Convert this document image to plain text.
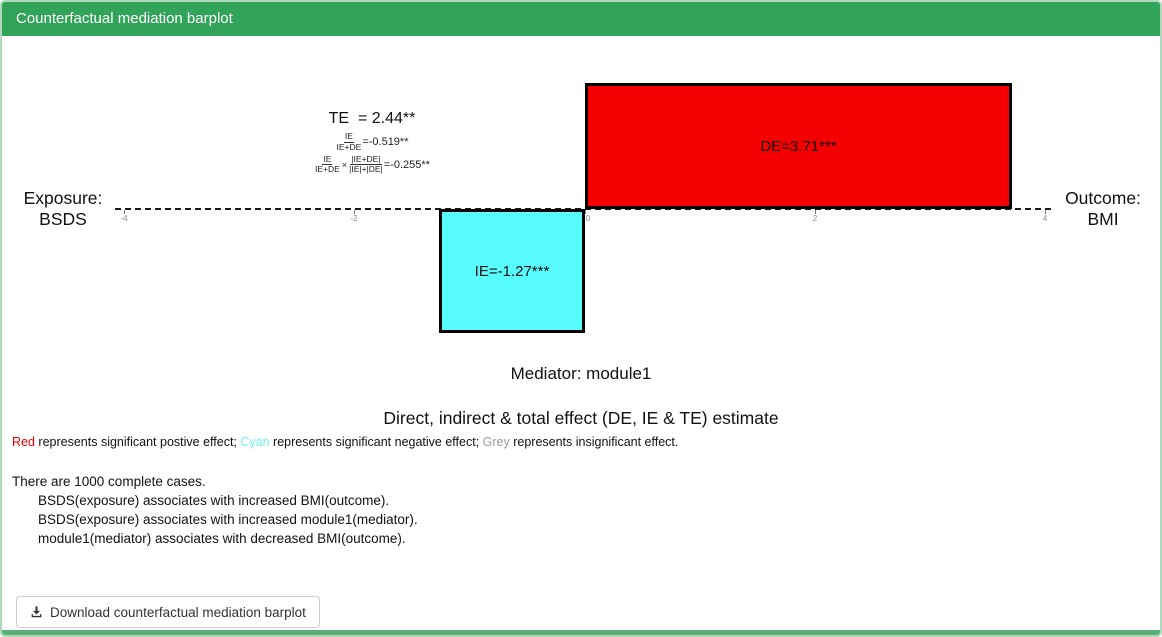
Counterfactual mediation barplot
TE  = 2.44**
$\frac{IE}{IE+DE} =-0.519**$
$\frac{IE}{IE+DE} \times \frac{|IE+DE|}{|IE|+|DE|} =-0.255**$
-4	-2	0	2	4
DE=3.71***
IE=-1.27***
Exposure:
BSDS
Outcome:
BMI
Mediator: module1
Direct, indirect & total effect (DE, IE & TE) estimate
Red represents significant postive effect; Cyan represents significant negative effect; Grey represents insignificant effect.
There are 1000 complete cases.
BSDS(exposure) associates with increased BMI(outcome).
BSDS(exposure) associates with increased module1(mediator).
module1(mediator) associates with decreased BMI(outcome).
Download counterfactual mediation barplot
